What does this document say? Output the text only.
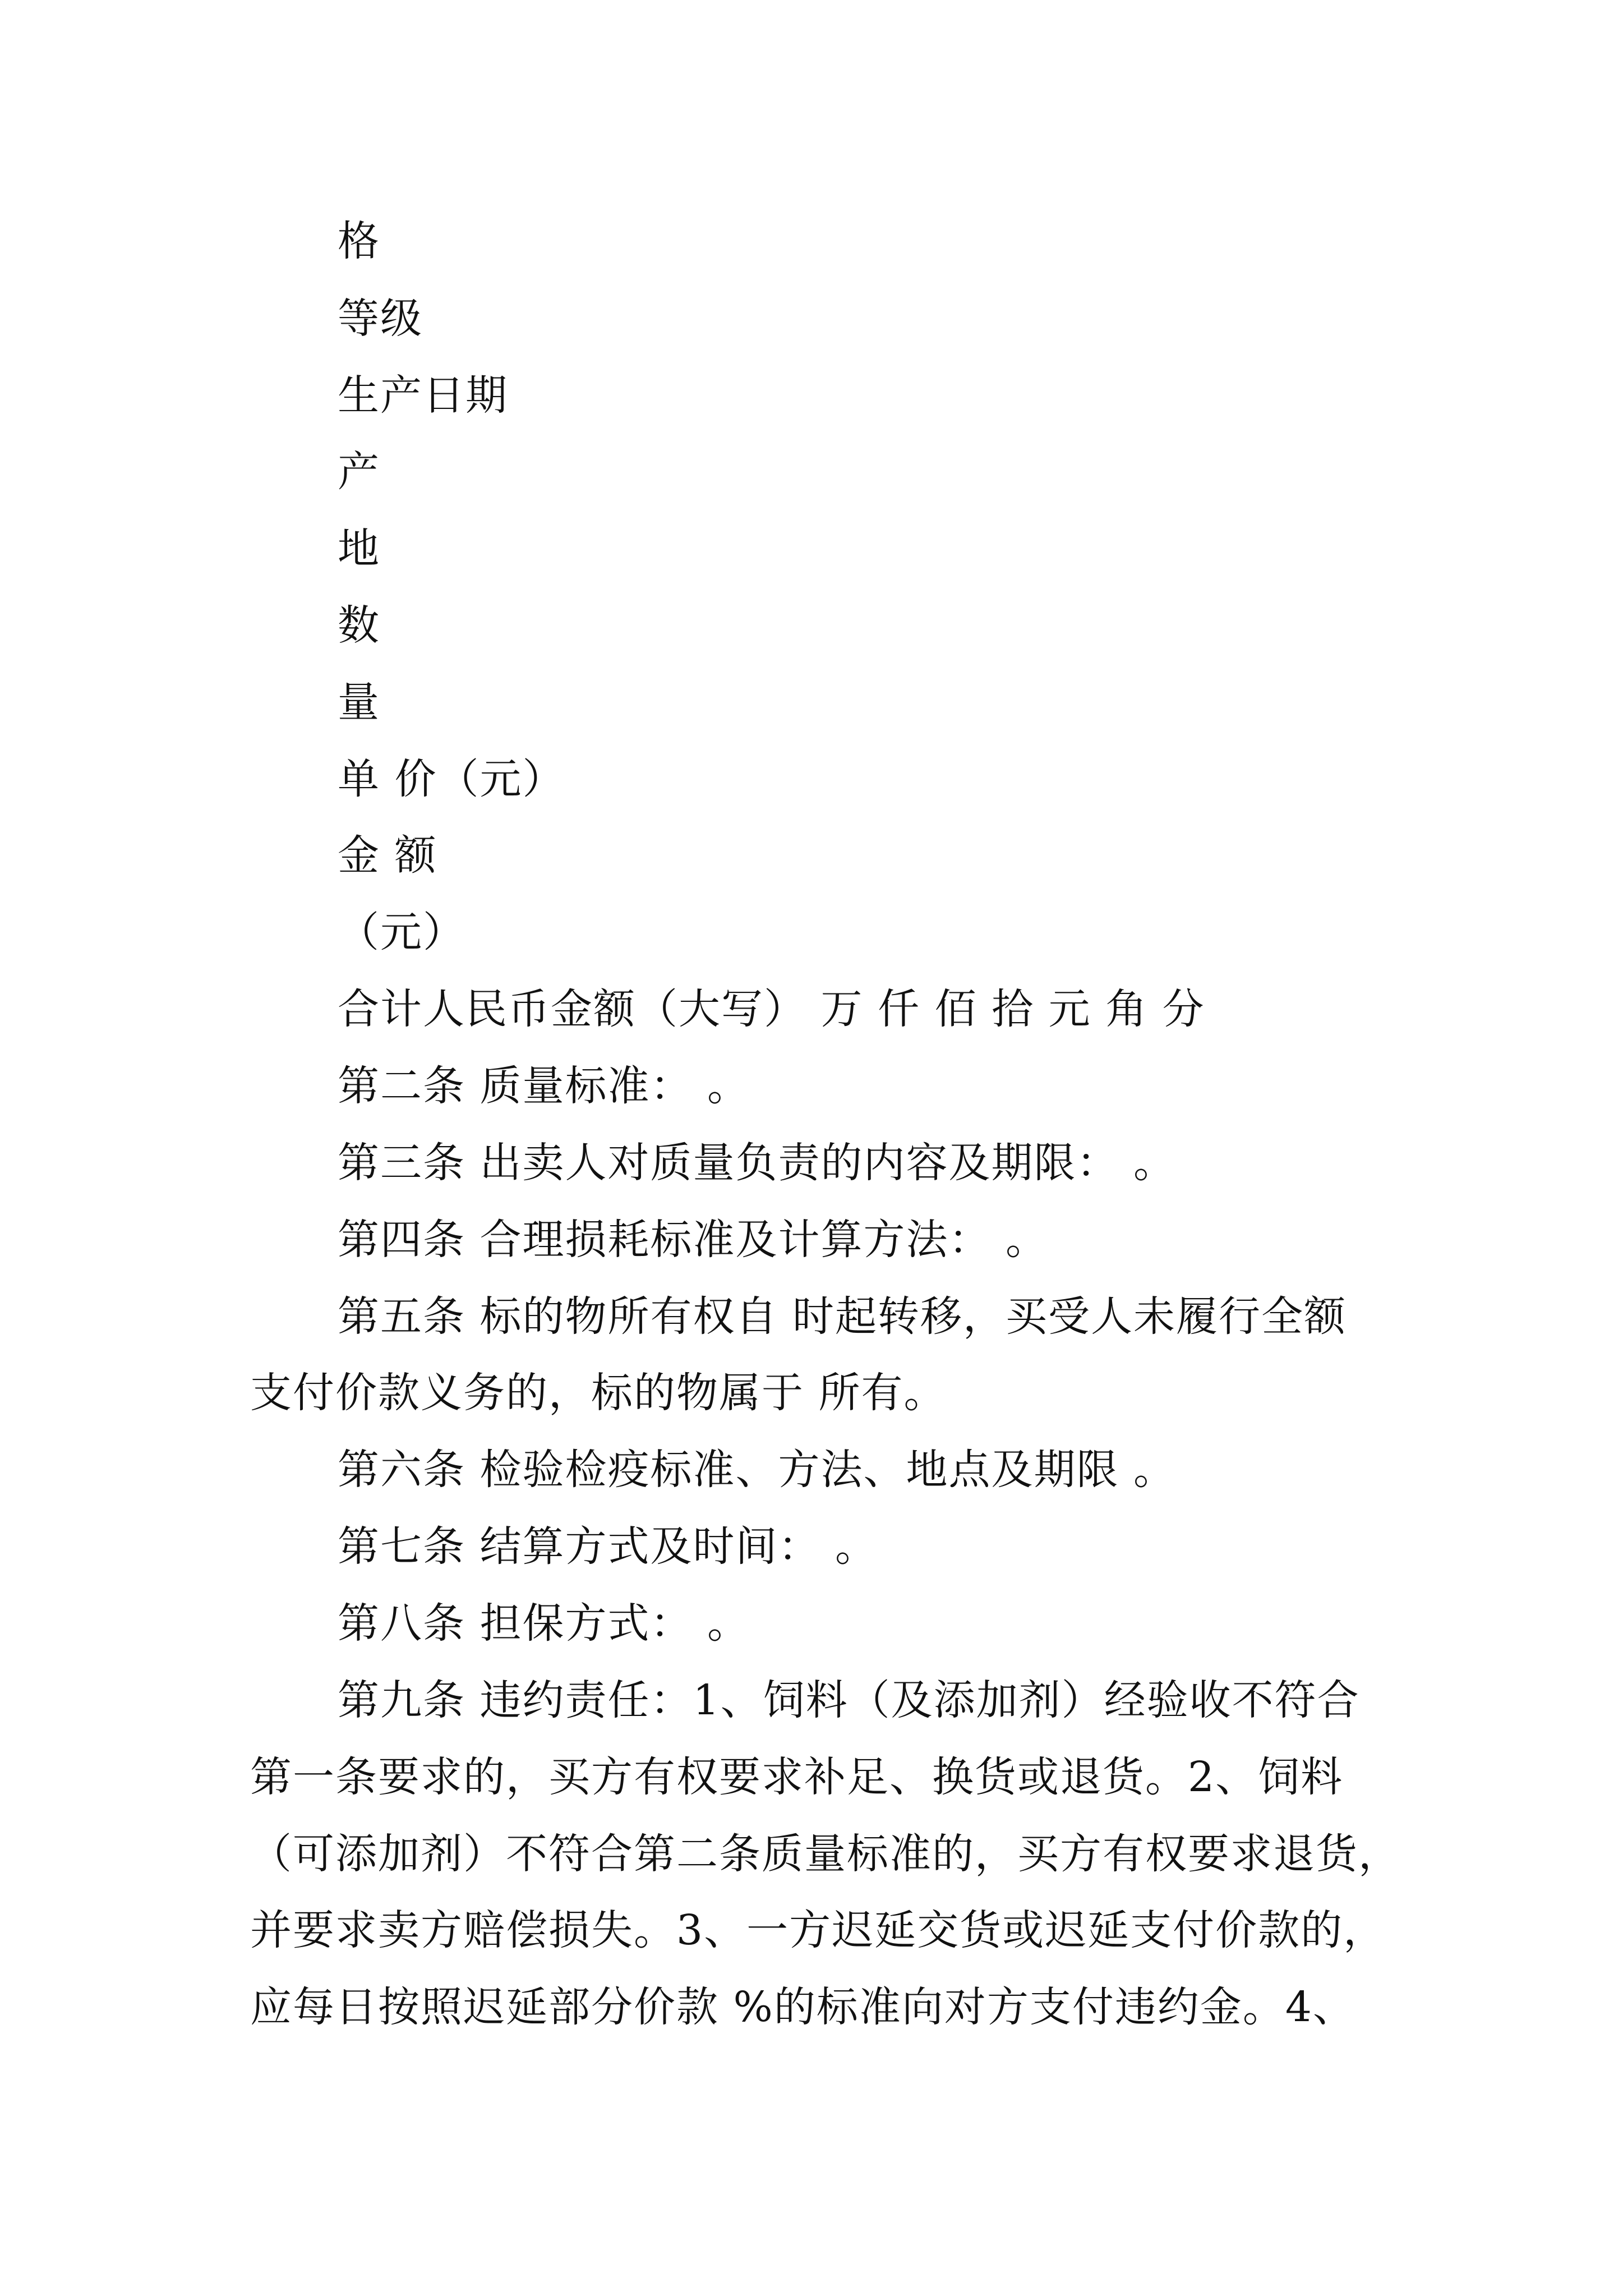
格
等级
生产日期
产
地
数
量
单 价（元）
金 额
（元）
合计人民币金额（大写） 万 仟 佰 拾 元 角 分
第二条 质量标准： 。
第三条 出卖人对质量负责的内容及期限： 。
第四条 合理损耗标准及计算方法： 。
第五条 标的物所有权自 时起转移，买受人未履行全额
支付价款义务的，标的物属于 所有。
第六条 检验检疫标准、方法、地点及期限 。
第七条 结算方式及时间： 。
第八条 担保方式： 。
第九条 违约责任：1、饲料（及添加剂）经验收不符合
第一条要求的，买方有权要求补足、换货或退货。2、饲料
（可添加剂）不符合第二条质量标准的，买方有权要求退货，
并要求卖方赔偿损失。3、一方迟延交货或迟延支付价款的，
应每日按照迟延部分价款 %的标准向对方支付违约金。4、
